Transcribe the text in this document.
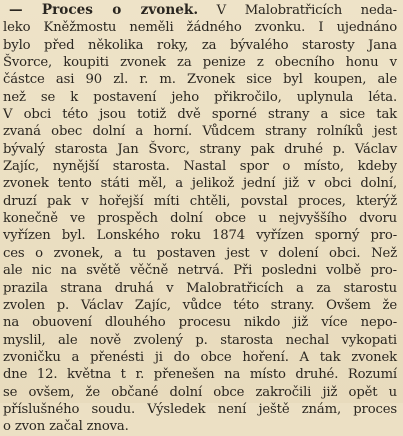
— Proces o zvonek. V Malobratřicích neda-
leko Kněžmostu neměli žádného zvonku. I ujednáno
bylo před několika roky, za bývalého starosty Jana
Švorce, koupiti zvonek za penize z obecního honu v
částce asi 90 zl. r. m. Zvonek sice byl koupen, ale
než se k postavení jeho přikročilo, uplynula léta.
V obci této jsou totiž dvě sporné strany a sice tak
zvaná obec dolní a horní. Vůdcem strany rolníků jest
bývalý starosta Jan Švorc, strany pak druhé p. Václav
Zajíc, nynější starosta. Nastal spor o místo, kdeby
zvonek tento státi měl, a jelikož jední již v obci dolní,
druzí pak v hořejší míti chtěli, povstal proces, kterýž
konečně ve prospěch dolní obce u nejvyššího dvoru
vyřízen byl. Lonského roku 1874 vyřízen sporný pro-
ces o zvonek, a tu postaven jest v dolení obci. Než
ale nic na světě věčně netrvá. Při posledni volbě pro-
prazila strana druhá v Malobratřicích a za starostu
zvolen p. Václav Zajíc, vůdce této strany. Ovšem že
na obuovení dlouhého procesu nikdo již více nepo-
myslil, ale nově zvolený p. starosta nechal vykopati
zvoničku a přenésti ji do obce hoření. A tak zvonek
dne 12. května t r. přenešen na místo druhé. Rozumí
se ovšem, že občané dolní obce zakročili již opět u
příslušného soudu. Výsledek není ještě znám, proces
o zvon začal znova.
